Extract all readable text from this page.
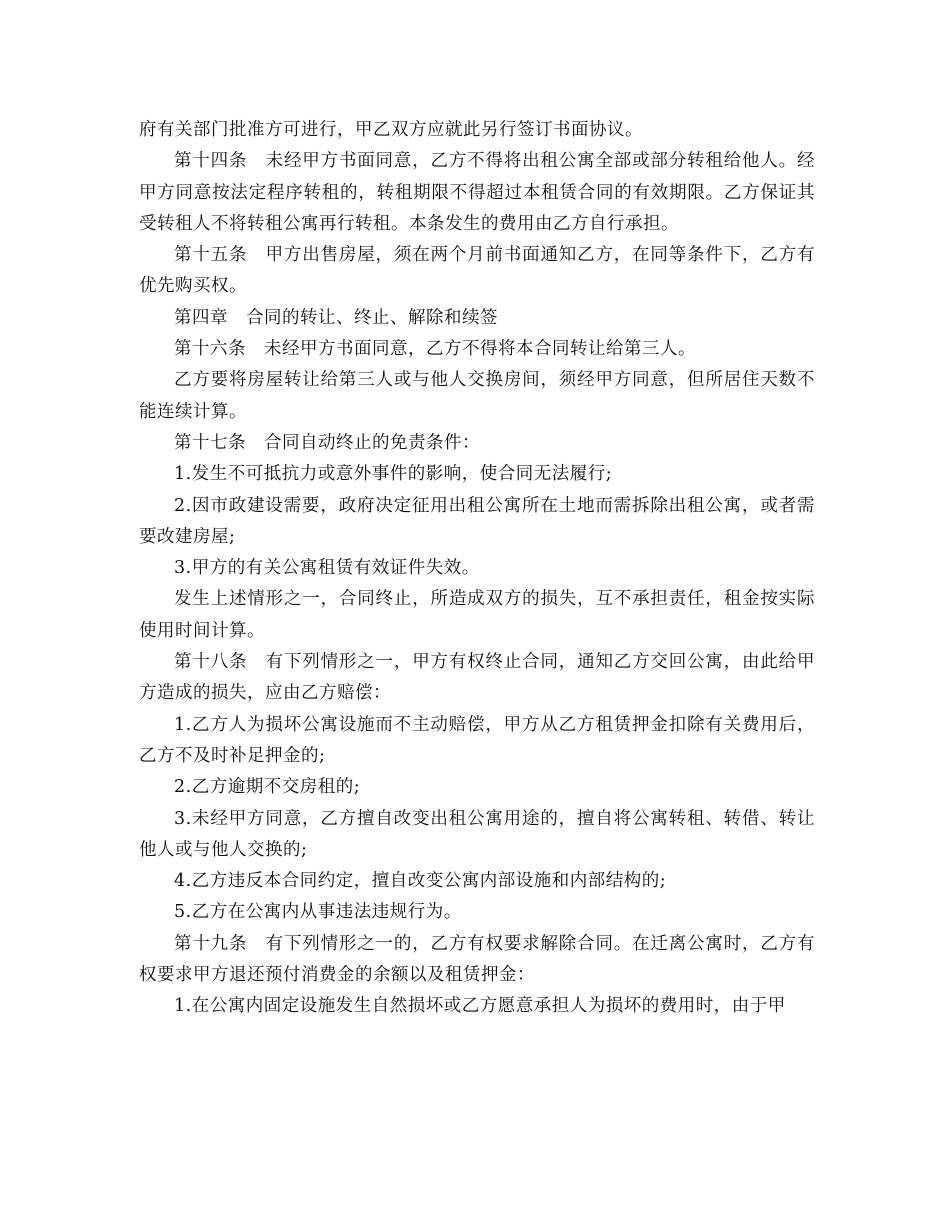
府有关部门批准方可进行，甲乙双方应就此另行签订书面协议。

第十四条　未经甲方书面同意，乙方不得将出租公寓全部或部分转租给他人。经甲方同意按法定程序转租的，转租期限不得超过本租赁合同的有效期限。乙方保证其受转租人不将转租公寓再行转租。本条发生的费用由乙方自行承担。

第十五条　甲方出售房屋，须在两个月前书面通知乙方，在同等条件下，乙方有优先购买权。

第四章　合同的转让、终止、解除和续签

第十六条　未经甲方书面同意，乙方不得将本合同转让给第三人。

乙方要将房屋转让给第三人或与他人交换房间，须经甲方同意，但所居住天数不能连续计算。

第十七条　合同自动终止的免责条件：

1.发生不可抵抗力或意外事件的影响，使合同无法履行;

2.因市政建设需要，政府决定征用出租公寓所在土地而需拆除出租公寓，或者需要改建房屋;

3.甲方的有关公寓租赁有效证件失效。

发生上述情形之一，合同终止，所造成双方的损失，互不承担责任，租金按实际使用时间计算。

第十八条　有下列情形之一，甲方有权终止合同，通知乙方交回公寓，由此给甲方造成的损失，应由乙方赔偿：

1.乙方人为损坏公寓设施而不主动赔偿，甲方从乙方租赁押金扣除有关费用后，乙方不及时补足押金的;

2.乙方逾期不交房租的;

3.未经甲方同意，乙方擅自改变出租公寓用途的，擅自将公寓转租、转借、转让他人或与他人交换的;

4.乙方违反本合同约定，擅自改变公寓内部设施和内部结构的;

5.乙方在公寓内从事违法违规行为。

第十九条　有下列情形之一的，乙方有权要求解除合同。在迁离公寓时，乙方有权要求甲方退还预付消费金的余额以及租赁押金：

1.在公寓内固定设施发生自然损坏或乙方愿意承担人为损坏的费用时，由于甲
